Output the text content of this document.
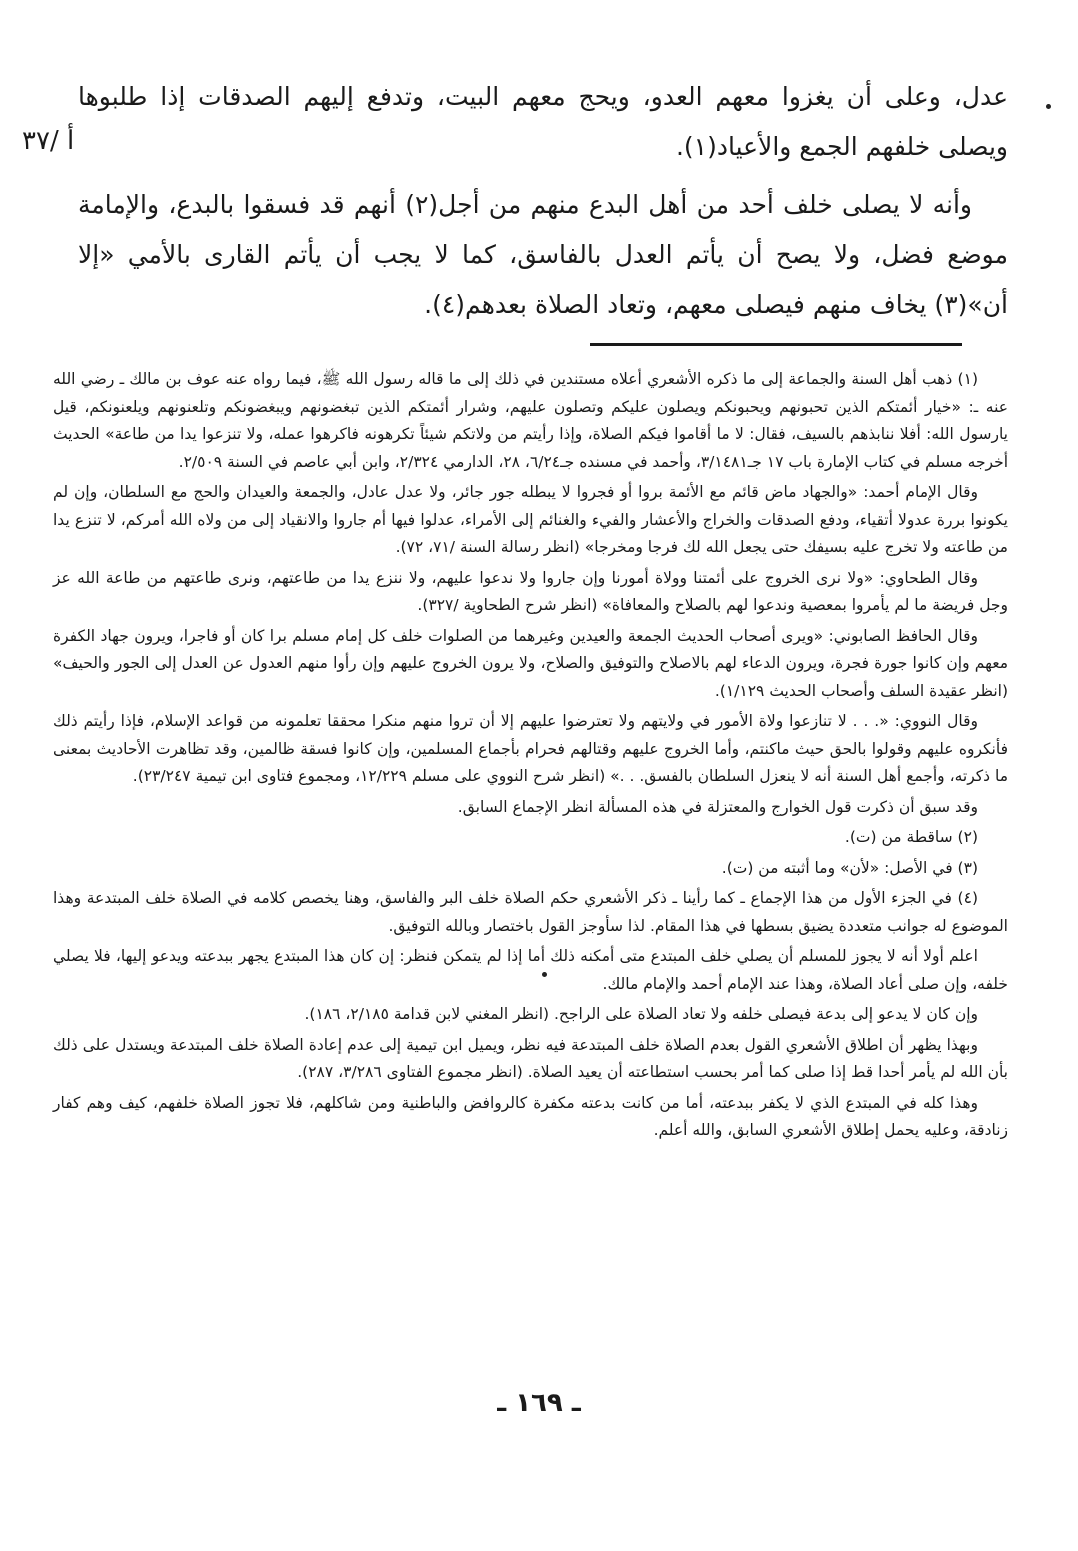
أ /٣٧

عدل، وعلى أن يغزوا معهم العدو، ويحج معهم البيت، وتدفع إليهم الصدقات إذا طلبوها ويصلى خلفهم الجمع والأعياد(١).

وأنه لا يصلى خلف أحد من أهل البدع منهم من أجل(٢) أنهم قد فسقوا بالبدع، والإمامة موضع فضل، ولا يصح أن يأتم العدل بالفاسق، كما لا يجب أن يأتم القارى بالأمي «إلا أن»(٣) يخاف منهم فيصلى معهم، وتعاد الصلاة بعدهم(٤).

(١) ذهب أهل السنة والجماعة إلى ما ذكره الأشعري أعلاه مستندين في ذلك إلى ما قاله رسول الله ﷺ، فيما رواه عنه عوف بن مالك ـ رضي الله عنه ـ: «خيار أئمتكم الذين تحبونهم ويحبونكم ويصلون عليكم وتصلون عليهم، وشرار أئمتكم الذين تبغضونهم ويبغضونكم وتلعنونهم ويلعنونكم، قيل يارسول الله: أفلا ننابذهم بالسيف، فقال: لا ما أقاموا فيكم الصلاة، وإذا رأيتم من ولاتكم شيئاً تكرهونه فاكرهوا عمله، ولا تنزعوا يدا من طاعة» الحديث أخرجه مسلم في كتاب الإمارة باب ١٧ جـ٣/١٤٨١، وأحمد في مسنده جـ٦/٢٤، ٢٨، الدارمي ٢/٣٢٤، وابن أبي عاصم في السنة ٢/٥٠٩.

وقال الإمام أحمد: «والجهاد ماض قائم مع الأئمة بروا أو فجروا لا يبطله جور جائر، ولا عدل عادل، والجمعة والعيدان والحج مع السلطان، وإن لم يكونوا بررة عدولا أتقياء، ودفع الصدقات والخراج والأعشار والفيء والغنائم إلى الأمراء، عدلوا فيها أم جاروا والانقياد إلى من ولاه الله أمركم، لا تنزع يدا من طاعته ولا تخرج عليه بسيفك حتى يجعل الله لك فرجا ومخرجا» (انظر رسالة السنة /٧١، ٧٢).

وقال الطحاوي: «ولا نرى الخروج على أئمتنا وولاة أمورنا وإن جاروا ولا ندعوا عليهم، ولا ننزع يدا من طاعتهم، ونرى طاعتهم من طاعة الله عز وجل فريضة ما لم يأمروا بمعصية وندعوا لهم بالصلاح والمعافاة» (انظر شرح الطحاوية /٣٢٧).

وقال الحافظ الصابوني: «ويرى أصحاب الحديث الجمعة والعيدين وغيرهما من الصلوات خلف كل إمام مسلم برا كان أو فاجرا، ويرون جهاد الكفرة معهم وإن كانوا جورة فجرة، ويرون الدعاء لهم بالاصلاح والتوفيق والصلاح، ولا يرون الخروج عليهم وإن رأوا منهم العدول عن العدل إلى الجور والحيف» (انظر عقيدة السلف وأصحاب الحديث ١/١٢٩).

وقال النووي: «. . . لا تنازعوا ولاة الأمور في ولايتهم ولا تعترضوا عليهم إلا أن تروا منهم منكرا محققا تعلمونه من قواعد الإسلام، فإذا رأيتم ذلك فأنكروه عليهم وقولوا بالحق حيث ماكنتم، وأما الخروج عليهم وقتالهم فحرام بأجماع المسلمين، وإن كانوا فسقة ظالمين، وقد تظاهرت الأحاديث بمعنى ما ذكرته، وأجمع أهل السنة أنه لا ينعزل السلطان بالفسق. . .» (انظر شرح النووي على مسلم ١٢/٢٢٩، ومجموع فتاوى ابن تيمية ٢٣/٢٤٧).

وقد سبق أن ذكرت قول الخوارج والمعتزلة في هذه المسألة انظر الإجماع السابق.

(٢) ساقطة من (ت).

(٣) في الأصل: «لأن» وما أثبته من (ت).

(٤) في الجزء الأول من هذا الإجماع ـ كما رأينا ـ ذكر الأشعري حكم الصلاة خلف البر والفاسق، وهنا يخصص كلامه في الصلاة خلف المبتدعة وهذا الموضوع له جوانب متعددة يضيق بسطها في هذا المقام. لذا سأوجز القول باختصار وبالله التوفيق.

اعلم أولا أنه لا يجوز للمسلم أن يصلي خلف المبتدع متى أمكنه ذلك أما إذا لم يتمكن فنظر: إن كان هذا المبتدع يجهر ببدعته ويدعو إليها، فلا يصلي خلفه، وإن صلى أعاد الصلاة، وهذا عند الإمام أحمد والإمام مالك.

وإن كان لا يدعو إلى بدعة فيصلى خلفه ولا تعاد الصلاة على الراجح. (انظر المغني لابن قدامة ٢/١٨٥، ١٨٦).

وبهذا يظهر أن اطلاق الأشعري القول بعدم الصلاة خلف المبتدعة فيه نظر، ويميل ابن تيمية إلى عدم إعادة الصلاة خلف المبتدعة ويستدل على ذلك بأن الله لم يأمر أحدا قط إذا صلى كما أمر بحسب استطاعته أن يعيد الصلاة. (انظر مجموع الفتاوى ٣/٢٨٦، ٢٨٧).

وهذا كله في المبتدع الذي لا يكفر ببدعته، أما من كانت بدعته مكفرة كالروافض والباطنية ومن شاكلهم، فلا تجوز الصلاة خلفهم، كيف وهم كفار زنادقة، وعليه يحمل إطلاق الأشعري السابق، والله أعلم.

ـ ١٦٩ ـ
